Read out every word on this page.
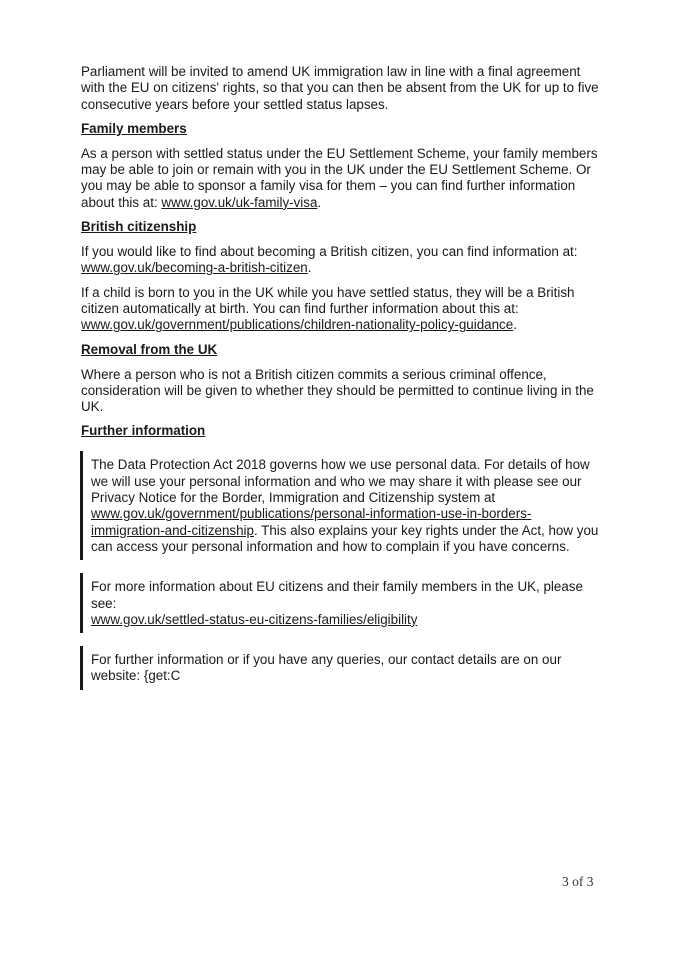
Parliament will be invited to amend UK immigration law in line with a final agreement with the EU on citizens' rights, so that you can then be absent from the UK for up to five consecutive years before your settled status lapses.

Family members

As a person with settled status under the EU Settlement Scheme, your family members may be able to join or remain with you in the UK under the EU Settlement Scheme. Or you may be able to sponsor a family visa for them – you can find further information about this at: www.gov.uk/uk-family-visa.

British citizenship

If you would like to find about becoming a British citizen, you can find information at: www.gov.uk/becoming-a-british-citizen.

If a child is born to you in the UK while you have settled status, they will be a British citizen automatically at birth. You can find further information about this at: www.gov.uk/government/publications/children-nationality-policy-guidance.

Removal from the UK

Where a person who is not a British citizen commits a serious criminal offence, consideration will be given to whether they should be permitted to continue living in the UK.

Further information

The Data Protection Act 2018 governs how we use personal data. For details of how we will use your personal information and who we may share it with please see our Privacy Notice for the Border, Immigration and Citizenship system at www.gov.uk/government/publications/personal-information-use-in-borders-immigration-and-citizenship. This also explains your key rights under the Act, how you can access your personal information and how to complain if you have concerns.

For more information about EU citizens and their family members in the UK, please see:
www.gov.uk/settled-status-eu-citizens-families/eligibility

For further information or if you have any queries, our contact details are on our website: {get:C

3 of 3
